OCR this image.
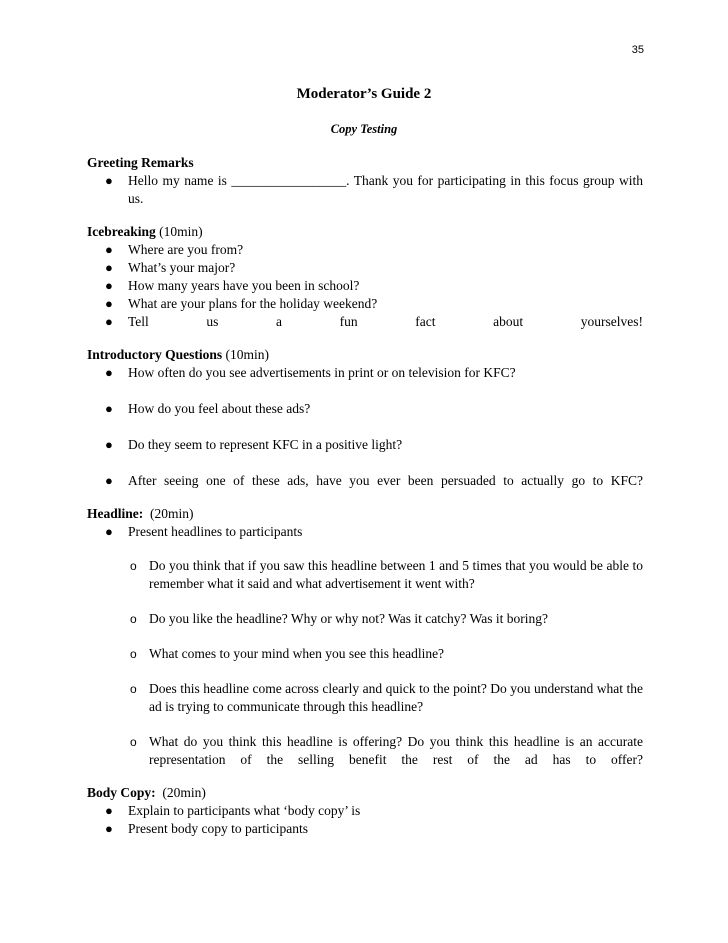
35
Moderator’s Guide 2
Copy Testing
Greeting Remarks
● Hello my name is _________________. Thank you for participating in this focus group with us.
Icebreaking (10min)
● Where are you from?
● What’s your major?
● How many years have you been in school?
● What are your plans for the holiday weekend?
● Tell us a fun fact about yourselves!
Introductory Questions (10min)
● How often do you see advertisements in print or on television for KFC?
● How do you feel about these ads?
● Do they seem to represent KFC in a positive light?
● After seeing one of these ads, have you ever been persuaded to actually go to KFC?
Headline: (20min)
● Present headlines to participants
o Do you think that if you saw this headline between 1 and 5 times that you would be able to remember what it said and what advertisement it went with?
o Do you like the headline? Why or why not? Was it catchy? Was it boring?
o What comes to your mind when you see this headline?
o Does this headline come across clearly and quick to the point? Do you understand what the ad is trying to communicate through this headline?
o What do you think this headline is offering? Do you think this headline is an accurate representation of the selling benefit the rest of the ad has to offer?
Body Copy: (20min)
● Explain to participants what ‘body copy’ is
● Present body copy to participants
